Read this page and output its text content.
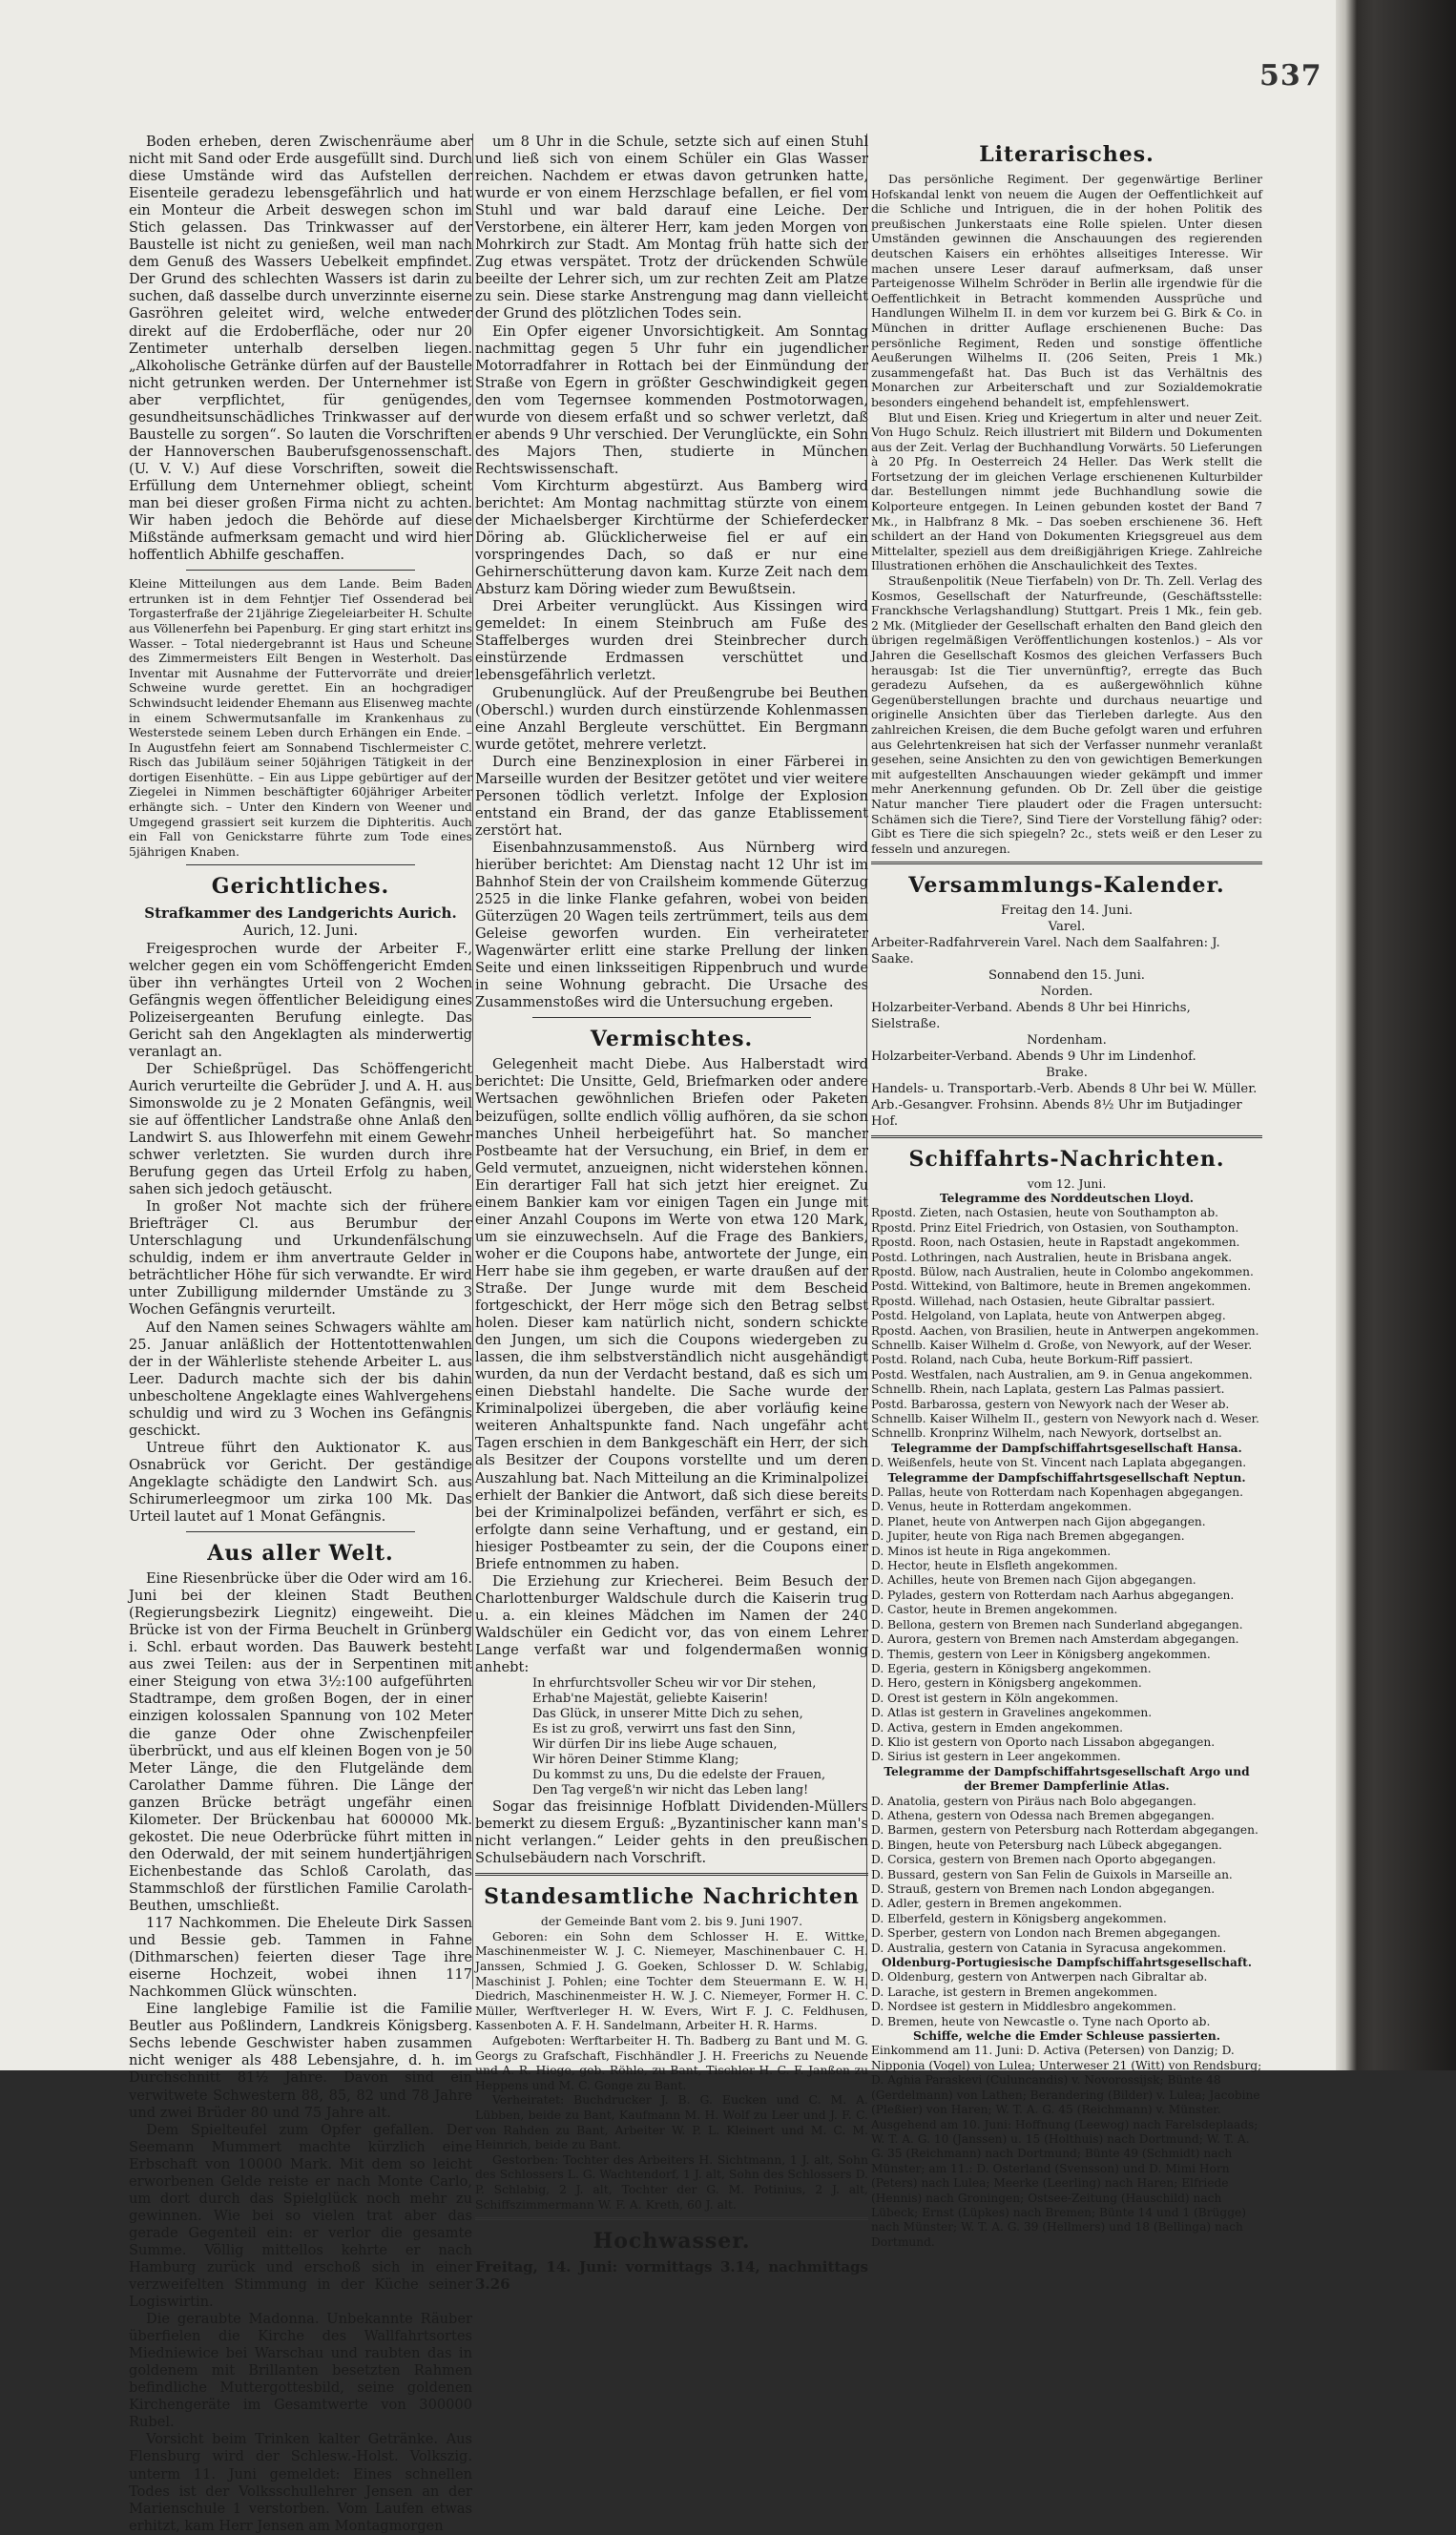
537

Boden erheben, deren Zwischenräume aber nicht mit Sand oder Erde ausgefüllt sind. Durch diese Umstände wird das Aufstellen der Eisenteile geradezu lebensgefährlich und hat ein Monteur die Arbeit deswegen schon im Stich gelassen. Das Trinkwasser auf der Baustelle ist nicht zu genießen, weil man nach dem Genuß des Wassers Uebelkeit empfindet. Der Grund des schlechten Wassers ist darin zu suchen, daß dasselbe durch unverzinnte eiserne Gasröhren geleitet wird, welche entweder direkt auf die Erdoberfläche, oder nur 20 Zentimeter unterhalb derselben liegen. „Alkoholische Getränke dürfen auf der Baustelle nicht getrunken werden. Der Unternehmer ist aber verpflichtet, für genügendes, gesundheitsunschädliches Trinkwasser auf der Baustelle zu sorgen“. So lauten die Vorschriften der Hannoverschen Bauberufsgenossenschaft. (U. V. V.) Auf diese Vorschriften, soweit die Erfüllung dem Unternehmer obliegt, scheint man bei dieser großen Firma nicht zu achten. Wir haben jedoch die Behörde auf diese Mißstände aufmerksam gemacht und wird hier hoffentlich Abhilfe geschaffen.

Kleine Mitteilungen aus dem Lande. Beim Baden ertrunken ist in dem Fehntjer Tief Ossenderad bei Torgasterfraße der 21jährige Ziegeleiarbeiter H. Schulte aus Völlenerfehn bei Papenburg. Er ging start erhitzt ins Wasser. – Total niedergebrannt ist Haus und Scheune des Zimmermeisters Eilt Bengen in Westerholt. Das Inventar mit Ausnahme der Futtervorräte und dreier Schweine wurde gerettet. Ein an hochgradiger Schwindsucht leidender Ehemann aus Elisenweg machte in einem Schwermutsanfalle im Krankenhaus zu Westerstede seinem Leben durch Erhängen ein Ende. – In Augustfehn feiert am Sonnabend Tischlermeister C. Risch das Jubiläum seiner 50jährigen Tätigkeit in der dortigen Eisenhütte. – Ein aus Lippe gebürtiger auf der Ziegelei in Nimmen beschäftigter 60jähriger Arbeiter erhängte sich. – Unter den Kindern von Weener und Umgegend grassiert seit kurzem die Diphteritis. Auch ein Fall von Genickstarre führte zum Tode eines 5jährigen Knaben.

Gerichtliches.
Strafkammer des Landgerichts Aurich.
Aurich, 12. Juni.

Freigesprochen wurde der Arbeiter F., welcher gegen ein vom Schöffengericht Emden über ihn verhängtes Urteil von 2 Wochen Gefängnis wegen öffentlicher Beleidigung eines Polizeisergeanten Berufung einlegte. Das Gericht sah den Angeklagten als minderwertig veranlagt an.

Der Schießprügel. Das Schöffengericht Aurich verurteilte die Gebrüder J. und A. H. aus Simonswolde zu je 2 Monaten Gefängnis, weil sie auf öffentlicher Landstraße ohne Anlaß den Landwirt S. aus Ihlowerfehn mit einem Gewehr schwer verletzten. Sie wurden durch ihre Berufung gegen das Urteil Erfolg zu haben, sahen sich jedoch getäuscht.

In großer Not machte sich der frühere Briefträger Cl. aus Berumbur der Unterschlagung und Urkundenfälschung schuldig, indem er ihm anvertraute Gelder in beträchtlicher Höhe für sich verwandte. Er wird unter Zubilligung mildernder Umstände zu 3 Wochen Gefängnis verurteilt.

Auf den Namen seines Schwagers wählte am 25. Januar anläßlich der Hottentottenwahlen der in der Wählerliste stehende Arbeiter L. aus Leer. Dadurch machte sich der bis dahin unbescholtene Angeklagte eines Wahlvergehens schuldig und wird zu 3 Wochen ins Gefängnis geschickt.

Untreue führt den Auktionator K. aus Osnabrück vor Gericht. Der geständige Angeklagte schädigte den Landwirt Sch. aus Schirumerleegmoor um zirka 100 Mk. Das Urteil lautet auf 1 Monat Gefängnis.

Aus aller Welt.

Eine Riesenbrücke über die Oder wird am 16. Juni bei der kleinen Stadt Beuthen (Regierungsbezirk Liegnitz) eingeweiht. Die Brücke ist von der Firma Beuchelt in Grünberg i. Schl. erbaut worden. Das Bauwerk besteht aus zwei Teilen: aus der in Serpentinen mit einer Steigung von etwa 3½:100 aufgeführten Stadtrampe, dem großen Bogen, der in einer einzigen kolossalen Spannung von 102 Meter die ganze Oder ohne Zwischenpfeiler überbrückt, und aus elf kleinen Bogen von je 50 Meter Länge, die den Flutgelände dem Carolather Damme führen. Die Länge der ganzen Brücke beträgt ungefähr einen Kilometer. Der Brückenbau hat 600000 Mk. gekostet. Die neue Oderbrücke führt mitten in den Oderwald, der mit seinem hundertjährigen Eichenbestande das Schloß Carolath, das Stammschloß der fürstlichen Familie Carolath-Beuthen, umschließt.

117 Nachkommen. Die Eheleute Dirk Sassen und Bessie geb. Tammen in Fahne (Dithmarschen) feierten dieser Tage ihre eiserne Hochzeit, wobei ihnen 117 Nachkommen Glück wünschten.

Eine langlebige Familie ist die Familie Beutler aus Poßlindern, Landkreis Königsberg. Sechs lebende Geschwister haben zusammen nicht weniger als 488 Lebensjahre, d. h. im Durchschnitt 81½ Jahre. Davon sind ein verwitwete Schwestern 88, 85, 82 und 78 Jahre und zwei Brüder 80 und 75 Jahre alt.

Dem Spielteufel zum Opfer gefallen. Der Seemann Mummert machte kürzlich eine Erbschaft von 10000 Mark. Mit dem so leicht erworbenen Gelde reiste er nach Monte Carlo, um dort durch das Spielglück noch mehr zu gewinnen. Wie bei so vielen trat aber das gerade Gegenteil ein: er verlor die gesamte Summe. Völlig mittellos kehrte er nach Hamburg zurück und erschoß sich in einer verzweifelten Stimmung in der Küche seiner Logiswirtin.

Die geraubte Madonna. Unbekannte Räuber überfielen die Kirche des Wallfahrtsortes Miedniewice bei Warschau und raubten das in goldenem mit Brillanten besetzten Rahmen befindliche Muttergottesbild, seine goldenen Kirchengeräte im Gesamtwerte von 300000 Rubel.

Vorsicht beim Trinken kalter Getränke. Aus Flensburg wird der Schlesw.-Holst. Volkszig. unterm 11. Juni gemeldet: Eines schnellen Todes ist der Volksschullehrer Jensen an der Marienschule 1 verstorben. Vom Laufen etwas erhitzt, kam Herr Jensen am Montagmorgen

um 8 Uhr in die Schule, setzte sich auf einen Stuhl und ließ sich von einem Schüler ein Glas Wasser reichen. Nachdem er etwas davon getrunken hatte, wurde er von einem Herzschlage befallen, er fiel vom Stuhl und war bald darauf eine Leiche. Der Verstorbene, ein älterer Herr, kam jeden Morgen von Mohrkirch zur Stadt. Am Montag früh hatte sich der Zug etwas verspätet. Trotz der drückenden Schwüle beeilte der Lehrer sich, um zur rechten Zeit am Platze zu sein. Diese starke Anstrengung mag dann vielleicht der Grund des plötzlichen Todes sein.

Ein Opfer eigener Unvorsichtigkeit. Am Sonntag nachmittag gegen 5 Uhr fuhr ein jugendlicher Motorradfahrer in Rottach bei der Einmündung der Straße von Egern in größter Geschwindigkeit gegen den vom Tegernsee kommenden Postmotorwagen, wurde von diesem erfaßt und so schwer verletzt, daß er abends 9 Uhr verschied. Der Verunglückte, ein Sohn des Majors Then, studierte in München Rechtswissenschaft.

Vom Kirchturm abgestürzt. Aus Bamberg wird berichtet: Am Montag nachmittag stürzte von einem der Michaelsberger Kirchtürme der Schieferdecker Döring ab. Glücklicherweise fiel er auf ein vorspringendes Dach, so daß er nur eine Gehirnerschütterung davon kam. Kurze Zeit nach dem Absturz kam Döring wieder zum Bewußtsein.

Drei Arbeiter verunglückt. Aus Kissingen wird gemeldet: In einem Steinbruch am Fuße des Staffelberges wurden drei Steinbrecher durch einstürzende Erdmassen verschüttet und lebensgefährlich verletzt.

Grubenunglück. Auf der Preußengrube bei Beuthen (Oberschl.) wurden durch einstürzende Kohlenmassen eine Anzahl Bergleute verschüttet. Ein Bergmann wurde getötet, mehrere verletzt.

Durch eine Benzinexplosion in einer Färberei in Marseille wurden der Besitzer getötet und vier weitere Personen tödlich verletzt. Infolge der Explosion entstand ein Brand, der das ganze Etablissement zerstört hat.

Eisenbahnzusammenstoß. Aus Nürnberg wird hierüber berichtet: Am Dienstag nacht 12 Uhr ist im Bahnhof Stein der von Crailsheim kommende Güterzug 2525 in die linke Flanke gefahren, wobei von beiden Güterzügen 20 Wagen teils zertrümmert, teils aus dem Geleise geworfen wurden. Ein verheirateter Wagenwärter erlitt eine starke Prellung der linken Seite und einen linksseitigen Rippenbruch und wurde in seine Wohnung gebracht. Die Ursache des Zusammenstoßes wird die Untersuchung ergeben.

Vermischtes.

Gelegenheit macht Diebe. Aus Halberstadt wird berichtet: Die Unsitte, Geld, Briefmarken oder andere Wertsachen gewöhnlichen Briefen oder Paketen beizufügen, sollte endlich völlig aufhören, da sie schon manches Unheil herbeigeführt hat. So mancher Postbeamte hat der Versuchung, ein Brief, in dem er Geld vermutet, anzueignen, nicht widerstehen können. Ein derartiger Fall hat sich jetzt hier ereignet. Zu einem Bankier kam vor einigen Tagen ein Junge mit einer Anzahl Coupons im Werte von etwa 120 Mark, um sie einzuwechseln. Auf die Frage des Bankiers, woher er die Coupons habe, antwortete der Junge, ein Herr habe sie ihm gegeben, er warte draußen auf der Straße. Der Junge wurde mit dem Bescheid fortgeschickt, der Herr möge sich den Betrag selbst holen. Dieser kam natürlich nicht, sondern schickte den Jungen, um sich die Coupons wiedergeben zu lassen, die ihm selbstverständlich nicht ausgehändigt wurden, da nun der Verdacht bestand, daß es sich um einen Diebstahl handelte. Die Sache wurde der Kriminalpolizei übergeben, die aber vorläufig keine weiteren Anhaltspunkte fand. Nach ungefähr acht Tagen erschien in dem Bankgeschäft ein Herr, der sich als Besitzer der Coupons vorstellte und um deren Auszahlung bat. Nach Mitteilung an die Kriminalpolizei erhielt der Bankier die Antwort, daß sich diese bereits bei der Kriminalpolizei befänden, verfährt er sich, es erfolgte dann seine Verhaftung, und er gestand, ein hiesiger Postbeamter zu sein, der die Coupons einer Briefe entnommen zu haben.

Die Erziehung zur Kriecherei. Beim Besuch der Charlottenburger Waldschule durch die Kaiserin trug u. a. ein kleines Mädchen im Namen der 240 Waldschüler ein Gedicht vor, das von einem Lehrer Lange verfaßt war und folgendermaßen wonnig anhebt:

In ehrfurchtsvoller Scheu wir vor Dir stehen,

Erhab'ne Majestät, geliebte Kaiserin!

Das Glück, in unserer Mitte Dich zu sehen,

Es ist zu groß, verwirrt uns fast den Sinn,

Wir dürfen Dir ins liebe Auge schauen,

Wir hören Deiner Stimme Klang;

Du kommst zu uns, Du die edelste der Frauen,

Den Tag vergeß'n wir nicht das Leben lang!

Sogar das freisinnige Hofblatt Dividenden-Müllers bemerkt zu diesem Erguß: „Byzantinischer kann man's nicht verlangen.“ Leider gehts in den preußischen Schulsebäudern nach Vorschrift.

Standesamtliche Nachrichten
der Gemeinde Bant vom 2. bis 9. Juni 1907.

Geboren: ein Sohn dem Schlosser H. E. Wittke, Maschinenmeister W. J. C. Niemeyer, Maschinenbauer C. H. Janssen, Schmied J. G. Goeken, Schlosser D. W. Schlabig, Maschinist J. Pohlen; eine Tochter dem Steuermann E. W. H. Diedrich, Maschinenmeister H. W. J. C. Niemeyer, Former H. C. Müller, Werftverleger H. W. Evers, Wirt F. J. C. Feldhusen, Kassenboten A. F. H. Sandelmann, Arbeiter H. R. Harms.

Aufgeboten: Werftarbeiter H. Th. Badberg zu Bant und M. G. Georgs zu Grafschaft, Fischhändler J. H. Freerichs zu Neuende und A. R. Hiege, geb. Röhle, zu Bant, Tischler H. C. F. Janßen zu Heppens und M. C. Gonge zu Bant.

Verheiratet: Buchdrucker J. B. G. Eucken und C. M. A. Lübben, beide zu Bant, Kaufmann M. H. Wolf zu Leer und J. F. C. von Rahden zu Bant, Arbeiter W. P. L. Kleinert und M. C. M. Heinrich, beide zu Bant.

Gestorben: Tochter des Arbeiters H. Sichtmann, 1 J. alt, Sohn des Schlossers L. G. Wachtendorf, 1 J. alt, Sohn des Schlossers D. P. Schlabig, 2 J. alt, Tochter der G. M. Potinius, 2 J. alt, Schiffszimmermann W. F. A. Kreth, 60 J. alt.

Hochwasser.

Freitag, 14. Juni: vormittags 3.14, nachmittags 3.26

Literarisches.

Das persönliche Regiment. Der gegenwärtige Berliner Hofskandal lenkt von neuem die Augen der Oeffentlichkeit auf die Schliche und Intriguen, die in der hohen Politik des preußischen Junkerstaats eine Rolle spielen. Unter diesen Umständen gewinnen die Anschauungen des regierenden deutschen Kaisers ein erhöhtes allseitiges Interesse. Wir machen unsere Leser darauf aufmerksam, daß unser Parteigenosse Wilhelm Schröder in Berlin alle irgendwie für die Oeffentlichkeit in Betracht kommenden Aussprüche und Handlungen Wilhelm II. in dem vor kurzem bei G. Birk & Co. in München in dritter Auflage erschienenen Buche: Das persönliche Regiment, Reden und sonstige öffentliche Aeußerungen Wilhelms II. (206 Seiten, Preis 1 Mk.) zusammengefaßt hat. Das Buch ist das Verhältnis des Monarchen zur Arbeiterschaft und zur Sozialdemokratie besonders eingehend behandelt ist, empfehlenswert.

Blut und Eisen. Krieg und Kriegertum in alter und neuer Zeit. Von Hugo Schulz. Reich illustriert mit Bildern und Dokumenten aus der Zeit. Verlag der Buchhandlung Vorwärts. 50 Lieferungen à 20 Pfg. In Oesterreich 24 Heller. Das Werk stellt die Fortsetzung der im gleichen Verlage erschienenen Kulturbilder dar. Bestellungen nimmt jede Buchhandlung sowie die Kolporteure entgegen. In Leinen gebunden kostet der Band 7 Mk., in Halbfranz 8 Mk. – Das soeben erschienene 36. Heft schildert an der Hand von Dokumenten Kriegsgreuel aus dem Mittelalter, speziell aus dem dreißigjährigen Kriege. Zahlreiche Illustrationen erhöhen die Anschaulichkeit des Textes.

Straußenpolitik (Neue Tierfabeln) von Dr. Th. Zell. Verlag des Kosmos, Gesellschaft der Naturfreunde, (Geschäftsstelle: Franckhsche Verlagshandlung) Stuttgart. Preis 1 Mk., fein geb. 2 Mk. (Mitglieder der Gesellschaft erhalten den Band gleich den übrigen regelmäßigen Veröffentlichungen kostenlos.) – Als vor Jahren die Gesellschaft Kosmos des gleichen Verfassers Buch herausgab: Ist die Tier unvernünftig?, erregte das Buch geradezu Aufsehen, da es außergewöhnlich kühne Gegenüberstellungen brachte und durchaus neuartige und originelle Ansichten über das Tierleben darlegte. Aus den zahlreichen Kreisen, die dem Buche gefolgt waren und erfuhren aus Gelehrtenkreisen hat sich der Verfasser nunmehr veranlaßt gesehen, seine Ansichten zu den von gewichtigen Bemerkungen mit aufgestellten Anschauungen wieder gekämpft und immer mehr Anerkennung gefunden. Ob Dr. Zell über die geistige Natur mancher Tiere plaudert oder die Fragen untersucht: Schämen sich die Tiere?, Sind Tiere der Vorstellung fähig? oder: Gibt es Tiere die sich spiegeln? 2c., stets weiß er den Leser zu fesseln und anzuregen.

Versammlungs-Kalender.

Freitag den 14. Juni.

Varel.

Arbeiter-Radfahrverein Varel. Nach dem Saalfahren: J. Saake.

Sonnabend den 15. Juni.

Norden.

Holzarbeiter-Verband. Abends 8 Uhr bei Hinrichs, Sielstraße.

Nordenham.

Holzarbeiter-Verband. Abends 9 Uhr im Lindenhof.

Brake.

Handels- u. Transportarb.-Verb. Abends 8 Uhr bei W. Müller.

Arb.-Gesangver. Frohsinn. Abends 8½ Uhr im Butjadinger Hof.

Schiffahrts-Nachrichten.
vom 12. Juni.

Telegramme des Norddeutschen Lloyd.

Rpostd. Zieten, nach Ostasien, heute von Southampton ab.

Rpostd. Prinz Eitel Friedrich, von Ostasien, von Southampton.

Rpostd. Roon, nach Ostasien, heute in Rapstadt angekommen.

Postd. Lothringen, nach Australien, heute in Brisbana angek.

Rpostd. Bülow, nach Australien, heute in Colombo angekommen.

Postd. Wittekind, von Baltimore, heute in Bremen angekommen.

Rpostd. Willehad, nach Ostasien, heute Gibraltar passiert.

Postd. Helgoland, von Laplata, heute von Antwerpen abgeg.

Rpostd. Aachen, von Brasilien, heute in Antwerpen angekommen.

Schnellb. Kaiser Wilhelm d. Große, von Newyork, auf der Weser.

Postd. Roland, nach Cuba, heute Borkum-Riff passiert.

Postd. Westfalen, nach Australien, am 9. in Genua angekommen.

Schnellb. Rhein, nach Laplata, gestern Las Palmas passiert.

Postd. Barbarossa, gestern von Newyork nach der Weser ab.

Schnellb. Kaiser Wilhelm II., gestern von Newyork nach d. Weser.

Schnellb. Kronprinz Wilhelm, nach Newyork, dortselbst an.

Telegramme der Dampfschiffahrtsgesellschaft Hansa.

D. Weißenfels, heute von St. Vincent nach Laplata abgegangen.

Telegramme der Dampfschiffahrtsgesellschaft Neptun.

D. Pallas, heute von Rotterdam nach Kopenhagen abgegangen.

D. Venus, heute in Rotterdam angekommen.

D. Planet, heute von Antwerpen nach Gijon abgegangen.

D. Jupiter, heute von Riga nach Bremen abgegangen.

D. Minos ist heute in Riga angekommen.

D. Hector, heute in Elsfleth angekommen.

D. Achilles, heute von Bremen nach Gijon abgegangen.

D. Pylades, gestern von Rotterdam nach Aarhus abgegangen.

D. Castor, heute in Bremen angekommen.

D. Bellona, gestern von Bremen nach Sunderland abgegangen.

D. Aurora, gestern von Bremen nach Amsterdam abgegangen.

D. Themis, gestern von Leer in Königsberg angekommen.

D. Egeria, gestern in Königsberg angekommen.

D. Hero, gestern in Königsberg angekommen.

D. Orest ist gestern in Köln angekommen.

D. Atlas ist gestern in Gravelines angekommen.

D. Activa, gestern in Emden angekommen.

D. Klio ist gestern von Oporto nach Lissabon abgegangen.

D. Sirius ist gestern in Leer angekommen.

Telegramme der Dampfschiffahrtsgesellschaft Argo und der Bremer Dampferlinie Atlas.

D. Anatolia, gestern von Piräus nach Bolo abgegangen.

D. Athena, gestern von Odessa nach Bremen abgegangen.

D. Barmen, gestern von Petersburg nach Rotterdam abgegangen.

D. Bingen, heute von Petersburg nach Lübeck abgegangen.

D. Corsica, gestern von Bremen nach Oporto abgegangen.

D. Bussard, gestern von San Felin de Guixols in Marseille an.

D. Strauß, gestern von Bremen nach London abgegangen.

D. Adler, gestern in Bremen angekommen.

D. Elberfeld, gestern in Königsberg angekommen.

D. Sperber, gestern von London nach Bremen abgegangen.

D. Australia, gestern von Catania in Syracusa angekommen.

Oldenburg-Portugiesische Dampfschiffahrtsgesellschaft.

D. Oldenburg, gestern von Antwerpen nach Gibraltar ab.

D. Larache, ist gestern in Bremen angekommen.

D. Nordsee ist gestern in Middlesbro angekommen.

D. Bremen, heute von Newcastle o. Tyne nach Oporto ab.

Schiffe, welche die Emder Schleuse passierten.

Einkommend am 11. Juni: D. Activa (Petersen) von Danzig; D. Nipponia (Vogel) von Lulea; Unterweser 21 (Witt) von Rendsburg; D. Aghia Paraskevi (Culuncandis) v. Novorossijsk; Bünte 48 (Gerdelmann) von Lathen; Berandering (Bilder) v. Lulea; Jacobine (Pleßier) von Haren; W. T. A. G. 45 (Reichmann) v. Münster.

Ausgehend am 10. Juni: Hoffnung (Leewog) nach Farelsdeplaads; W. T. A. G. 10 (Janssen) u. 15 (Holthuis) nach Dortmund; W. T. A. G. 35 (Reichmann) nach Dortmund; Bünte 49 (Schmidt) nach Münster; am 11.: D. Osterland (Svensson) und D. Mimi Horn (Peters) nach Lulea; Meerke (Leerling) nach Haren; Elfriede (Hennis) nach Groningen; Ostsee-Zeitung (Hauschild) nach Lübeck; Ernst (Lüpkes) nach Bremen; Bünte 14 und 1 (Brügge) nach Münster; W. T. A. G. 39 (Hellmers) und 18 (Bellinga) nach Dortmund.
